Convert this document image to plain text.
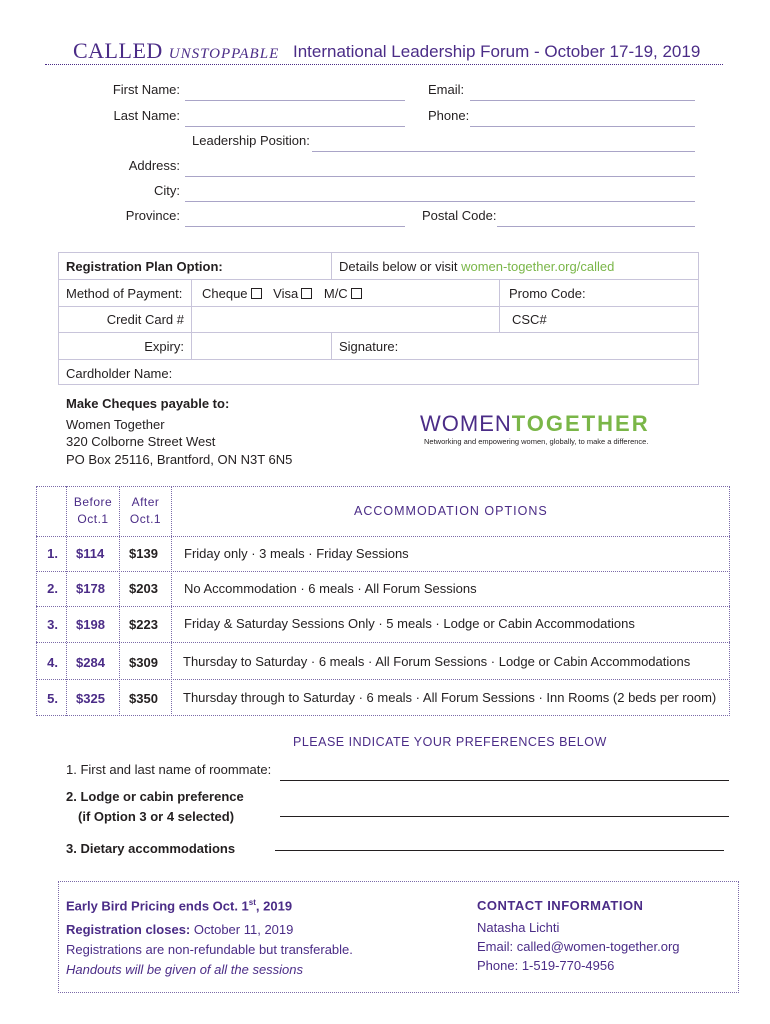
CALLED UNSTOPPABLE International Leadership Forum - October 17-19, 2019
First Name:	Email:
Last Name:	Phone:
Leadership Position:
Address:
City:
Province:	Postal Code:
Registration Plan Option:	Details below or visit women-together.org/called
Method of Payment: Cheque Visa M/C	Promo Code:
Credit Card #	CSC#
Expiry:	Signature:
Cardholder Name:
Make Cheques payable to:
Women Together
320 Colborne Street West
PO Box 25116, Brantford, ON N3T 6N5
WOMENTOGETHER
Networking and empowering women, globally, to make a difference.
Before
Oct.1
After
Oct.1
ACCOMMODATION OPTIONS
1. $114 $139 Friday only · 3 meals · Friday Sessions
2. $178 $203 No Accommodation · 6 meals · All Forum Sessions
3. $198 $223 Friday & Saturday Sessions Only · 5 meals · Lodge or Cabin Accommodations
4. $284 $309 Thursday to Saturday · 6 meals · All Forum Sessions · Lodge or Cabin Accommodations
5. $325 $350 Thursday through to Saturday · 6 meals · All Forum Sessions · Inn Rooms (2 beds per room)
PLEASE INDICATE YOUR PREFERENCES BELOW
1. First and last name of roommate:
2. Lodge or cabin preference
(if Option 3 or 4 selected)
3. Dietary accommodations
Early Bird Pricing ends Oct. 1st, 2019
Registration closes: October 11, 2019
Registrations are non-refundable but transferable.
Handouts will be given of all the sessions
CONTACT INFORMATION
Natasha Lichti
Email: called@women-together.org
Phone: 1-519-770-4956
